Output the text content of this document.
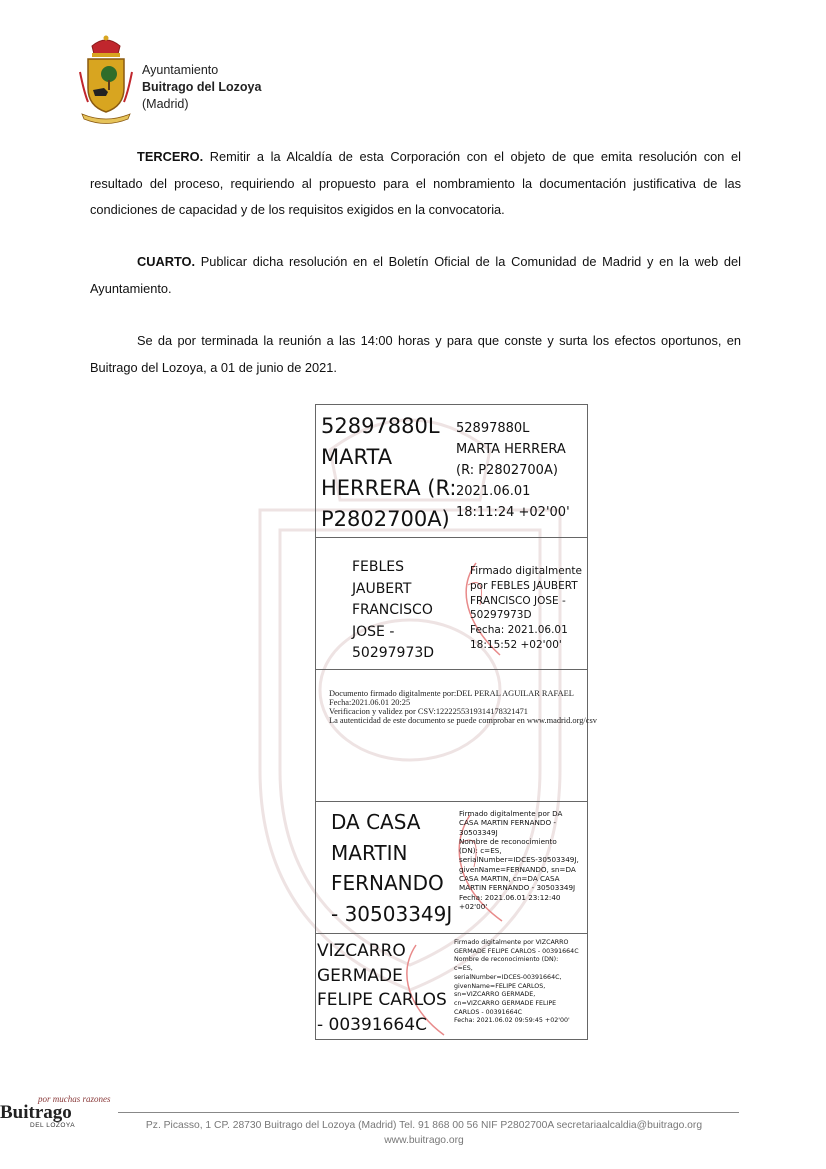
Ayuntamiento
Buitrago del Lozoya
(Madrid)
TERCERO. Remitir a la Alcaldía de esta Corporación con el objeto de que emita resolución con el resultado del proceso, requiriendo al propuesto para el nombramiento la documentación justificativa de las condiciones de capacidad y de los requisitos exigidos en la convocatoria.
CUARTO. Publicar dicha resolución en el Boletín Oficial de la Comunidad de Madrid y en la web del Ayuntamiento.
Se da por terminada la reunión a las 14:00 horas y para que conste y surta los efectos oportunos, en Buitrago del Lozoya, a 01 de junio de 2021.
52897880L
MARTA
HERRERA (R:
P2802700A)
52897880L
MARTA HERRERA
(R: P2802700A)
2021.06.01
18:11:24 +02'00'
FEBLES
JAUBERT
FRANCISCO
JOSE -
50297973D
Firmado digitalmente
por FEBLES JAUBERT
FRANCISCO JOSE -
50297973D
Fecha: 2021.06.01
18:15:52 +02'00'
Documento firmado digitalmente por:DEL PERAL AGUILAR RAFAEL
Fecha:2021.06.01 20:25
Verificacion y validez por CSV:1222255319314178321471
La autenticidad de este documento se puede comprobar en www.madrid.org/csv
DA CASA
MARTIN
FERNANDO
- 30503349J
Firmado digitalmente por DA
CASA MARTIN FERNANDO -
30503349J
Nombre de reconocimiento
(DN): c=ES,
serialNumber=IDCES-30503349J,
givenName=FERNANDO, sn=DA
CASA MARTIN, cn=DA CASA
MARTIN FERNANDO - 30503349J
Fecha: 2021.06.01 23:12:40
+02'00'
VIZCARRO
GERMADE
FELIPE CARLOS
- 00391664C
Firmado digitalmente por VIZCARRO
GERMADE FELIPE CARLOS - 00391664C
Nombre de reconocimiento (DN):
c=ES,
serialNumber=IDCES-00391664C,
givenName=FELIPE CARLOS,
sn=VIZCARRO GERMADE,
cn=VIZCARRO GERMADE FELIPE
CARLOS - 00391664C
Fecha: 2021.06.02 09:59:45 +02'00'
por muchas razones
Buitrago
DEL LOZOYA	Pz. Picasso, 1 CP. 28730 Buitrago del Lozoya (Madrid) Tel. 91 868 00 56 NIF P2802700A secretariaalcaldia@buitrago.org
www.buitrago.org
